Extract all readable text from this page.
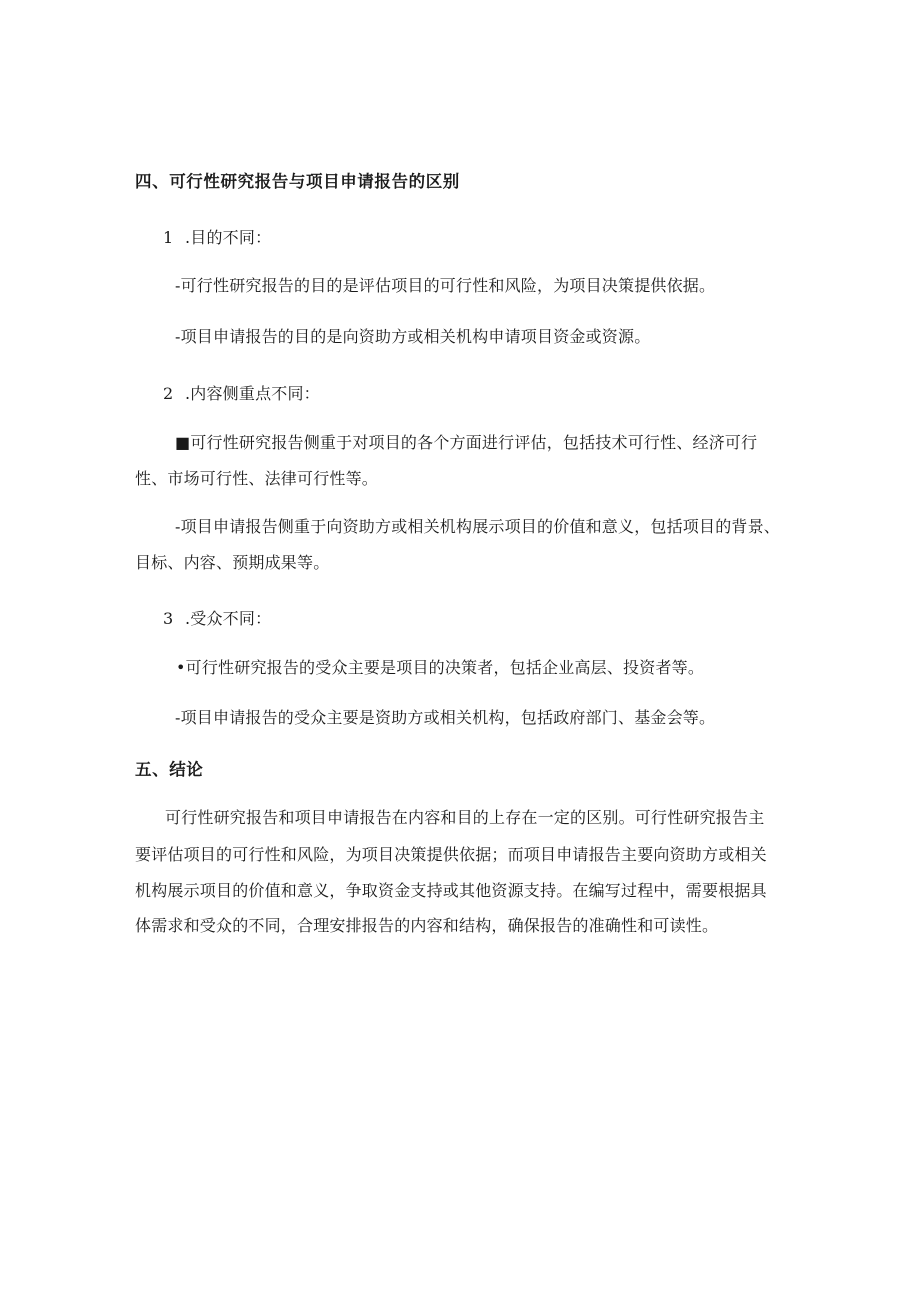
四、可行性研究报告与项目申请报告的区别
1 .目的不同：
-可行性研究报告的目的是评估项目的可行性和风险，为项目决策提供依据。
-项目申请报告的目的是向资助方或相关机构申请项目资金或资源。
2 .内容侧重点不同：
■可行性研究报告侧重于对项目的各个方面进行评估，包括技术可行性、经济可行
性、市场可行性、法律可行性等。
-项目申请报告侧重于向资助方或相关机构展示项目的价值和意义，包括项目的背景、
目标、内容、预期成果等。
3 .受众不同：
•可行性研究报告的受众主要是项目的决策者，包括企业高层、投资者等。
-项目申请报告的受众主要是资助方或相关机构，包括政府部门、基金会等。
五、结论
可行性研究报告和项目申请报告在内容和目的上存在一定的区别。可行性研究报告主
要评估项目的可行性和风险，为项目决策提供依据；而项目申请报告主要向资助方或相关
机构展示项目的价值和意义，争取资金支持或其他资源支持。在编写过程中，需要根据具
体需求和受众的不同，合理安排报告的内容和结构，确保报告的准确性和可读性。
